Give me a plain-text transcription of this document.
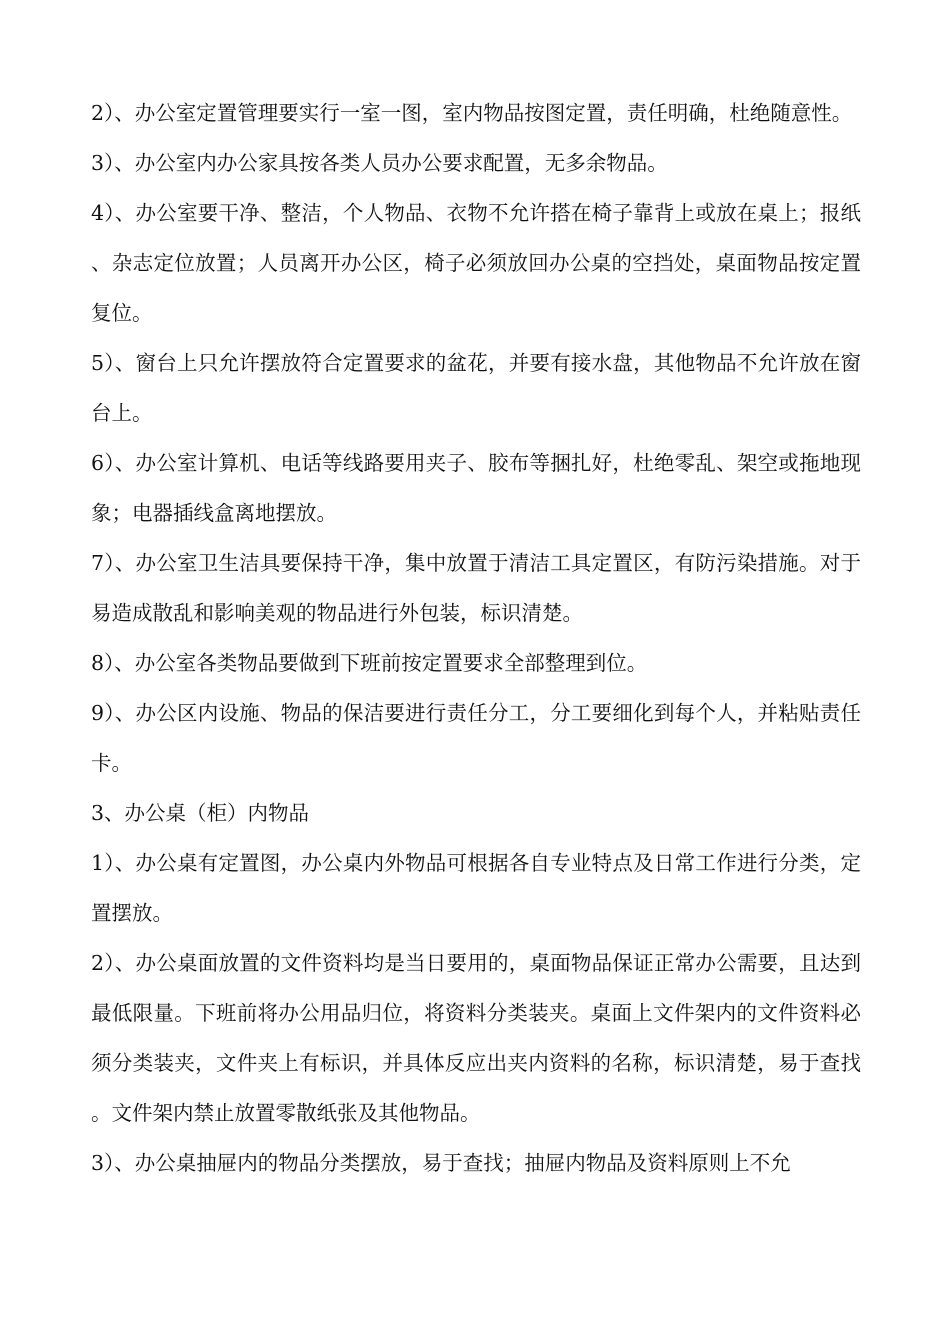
2）、办公室定置管理要实行一室一图，室内物品按图定置，责任明确，杜绝随意性。

3）、办公室内办公家具按各类人员办公要求配置，无多余物品。

4）、办公室要干净、整洁，个人物品、衣物不允许搭在椅子靠背上或放在桌上；报纸、杂志定位放置；人员离开办公区，椅子必须放回办公桌的空挡处，桌面物品按定置复位。

5）、窗台上只允许摆放符合定置要求的盆花，并要有接水盘，其他物品不允许放在窗台上。

6）、办公室计算机、电话等线路要用夹子、胶布等捆扎好，杜绝零乱、架空或拖地现象；电器插线盒离地摆放。

7）、办公室卫生洁具要保持干净，集中放置于清洁工具定置区，有防污染措施。对于易造成散乱和影响美观的物品进行外包装，标识清楚。

8）、办公室各类物品要做到下班前按定置要求全部整理到位。

9）、办公区内设施、物品的保洁要进行责任分工，分工要细化到每个人，并粘贴责任卡。

3、办公桌（柜）内物品

1）、办公桌有定置图，办公桌内外物品可根据各自专业特点及日常工作进行分类，定置摆放。

2）、办公桌面放置的文件资料均是当日要用的，桌面物品保证正常办公需要，且达到最低限量。下班前将办公用品归位，将资料分类装夹。桌面上文件架内的文件资料必须分类装夹，文件夹上有标识，并具体反应出夹内资料的名称，标识清楚，易于查找。文件架内禁止放置零散纸张及其他物品。

3）、办公桌抽屉内的物品分类摆放，易于查找；抽屉内物品及资料原则上不允
